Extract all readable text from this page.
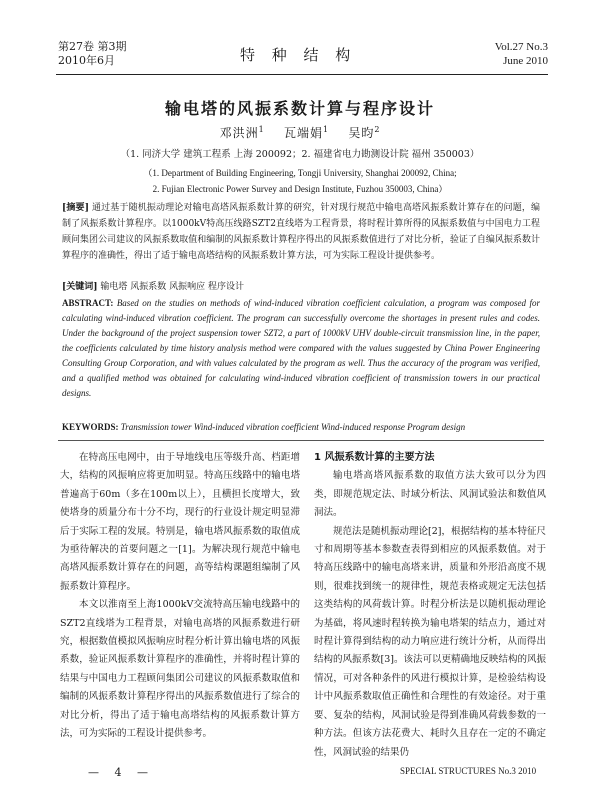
第27卷 第3期
2010年6月	特 种 结 构	Vol.27 No.3
June 2010
输电塔的风振系数计算与程序设计
邓洪洲$^1$ 瓦端娟$^1$ 吴昀$^2$
（1. 同济大学 建筑工程系 上海 200092；2. 福建省电力勘测设计院 福州 350003）
（1. Department of Building Engineering, Tongji University, Shanghai 200092, China;
2. Fujian Electronic Power Survey and Design Institute, Fuzhou 350003, China）
[摘要] 通过基于随机振动理论对输电高塔风振系数计算的研究，针对现行规范中输电高塔风振系数计算存在的问题，编制了风振系数计算程序。以1000kV特高压线路SZT2直线塔为工程背景，将时程计算所得的风振系数值与中国电力工程顾问集团公司建议的风振系数取值和编制的风振系数计算程序得出的风振系数值进行了对比分析，验证了自编风振系数计算程序的准确性，得出了适于输电高塔结构的风振系数计算方法，可为实际工程设计提供参考。
[关键词] 输电塔 风振系数 风振响应 程序设计
ABSTRACT: Based on the studies on methods of wind-induced vibration coefficient calculation, a program was composed for calculating wind-induced vibration coefficient. The program can successfully overcome the shortages in present rules and codes. Under the background of the project suspension tower SZT2, a part of 1000kV UHV double-circuit transmission line, in the paper, the coefficients calculated by time history analysis method were compared with the values suggested by China Power Engineering Consulting Group Corporation, and with values calculated by the program as well. Thus the accuracy of the program was verified, and a qualified method was obtained for calculating wind-induced vibration coefficient of transmission towers in our practical designs.
KEYWORDS: Transmission tower Wind-induced vibration coefficient Wind-induced response Program design

在特高压电网中，由于导地线电压等级升高、档距增大，结构的风振响应将更加明显。特高压线路中的输电塔普遍高于60m（多在100m以上），且横担长度增大，致使塔身的质量分布十分不均，现行的行业设计规定明显滞后于实际工程的发展。特别是，输电塔风振系数的取值成为亟待解决的首要问题之一[1]。为解决现行规范中输电高塔风振系数计算存在的问题，高等结构课题组编制了风振系数计算程序。

本文以淮南至上海1000kV交流特高压输电线路中的SZT2直线塔为工程背景，对输电高塔的风振系数进行研究，根据数值模拟风振响应时程分析计算出输电塔的风振系数，验证风振系数计算程序的准确性，并将时程计算的结果与中国电力工程顾问集团公司建议的风振系数取值和编制的风振系数计算程序得出的风振系数值进行了综合的对比分析，得出了适于输电高塔结构的风振系数计算方法，可为实际的工程设计提供参考。

1 风振系数计算的主要方法

输电塔高塔风振系数的取值方法大致可以分为四类，即规范规定法、时域分析法、风洞试验法和数值风洞法。

规范法是随机振动理论[2]，根据结构的基本特征尺寸和周期等基本参数查表得到相应的风振系数值。对于特高压线路中的输电高塔来讲，质量和外形沿高度不规则，很难找到统一的规律性，规范表格或规定无法包括这类结构的风荷载计算。时程分析法是以随机振动理论为基础，将风速时程转换为输电塔架的结点力，通过对时程计算得到结构的动力响应进行统计分析，从而得出结构的风振系数[3]。该法可以更精确地反映结构的风振情况，可对各种条件的风进行模拟计算，是检验结构设计中风振系数取值正确性和合理性的有效途径。对于重要、复杂的结构，风洞试验是得到准确风荷载参数的一种方法。但该方法花费大、耗时久且存在一定的不确定性，风洞试验的结果仍

— 4 —	SPECIAL STRUCTURES No.3 2010
